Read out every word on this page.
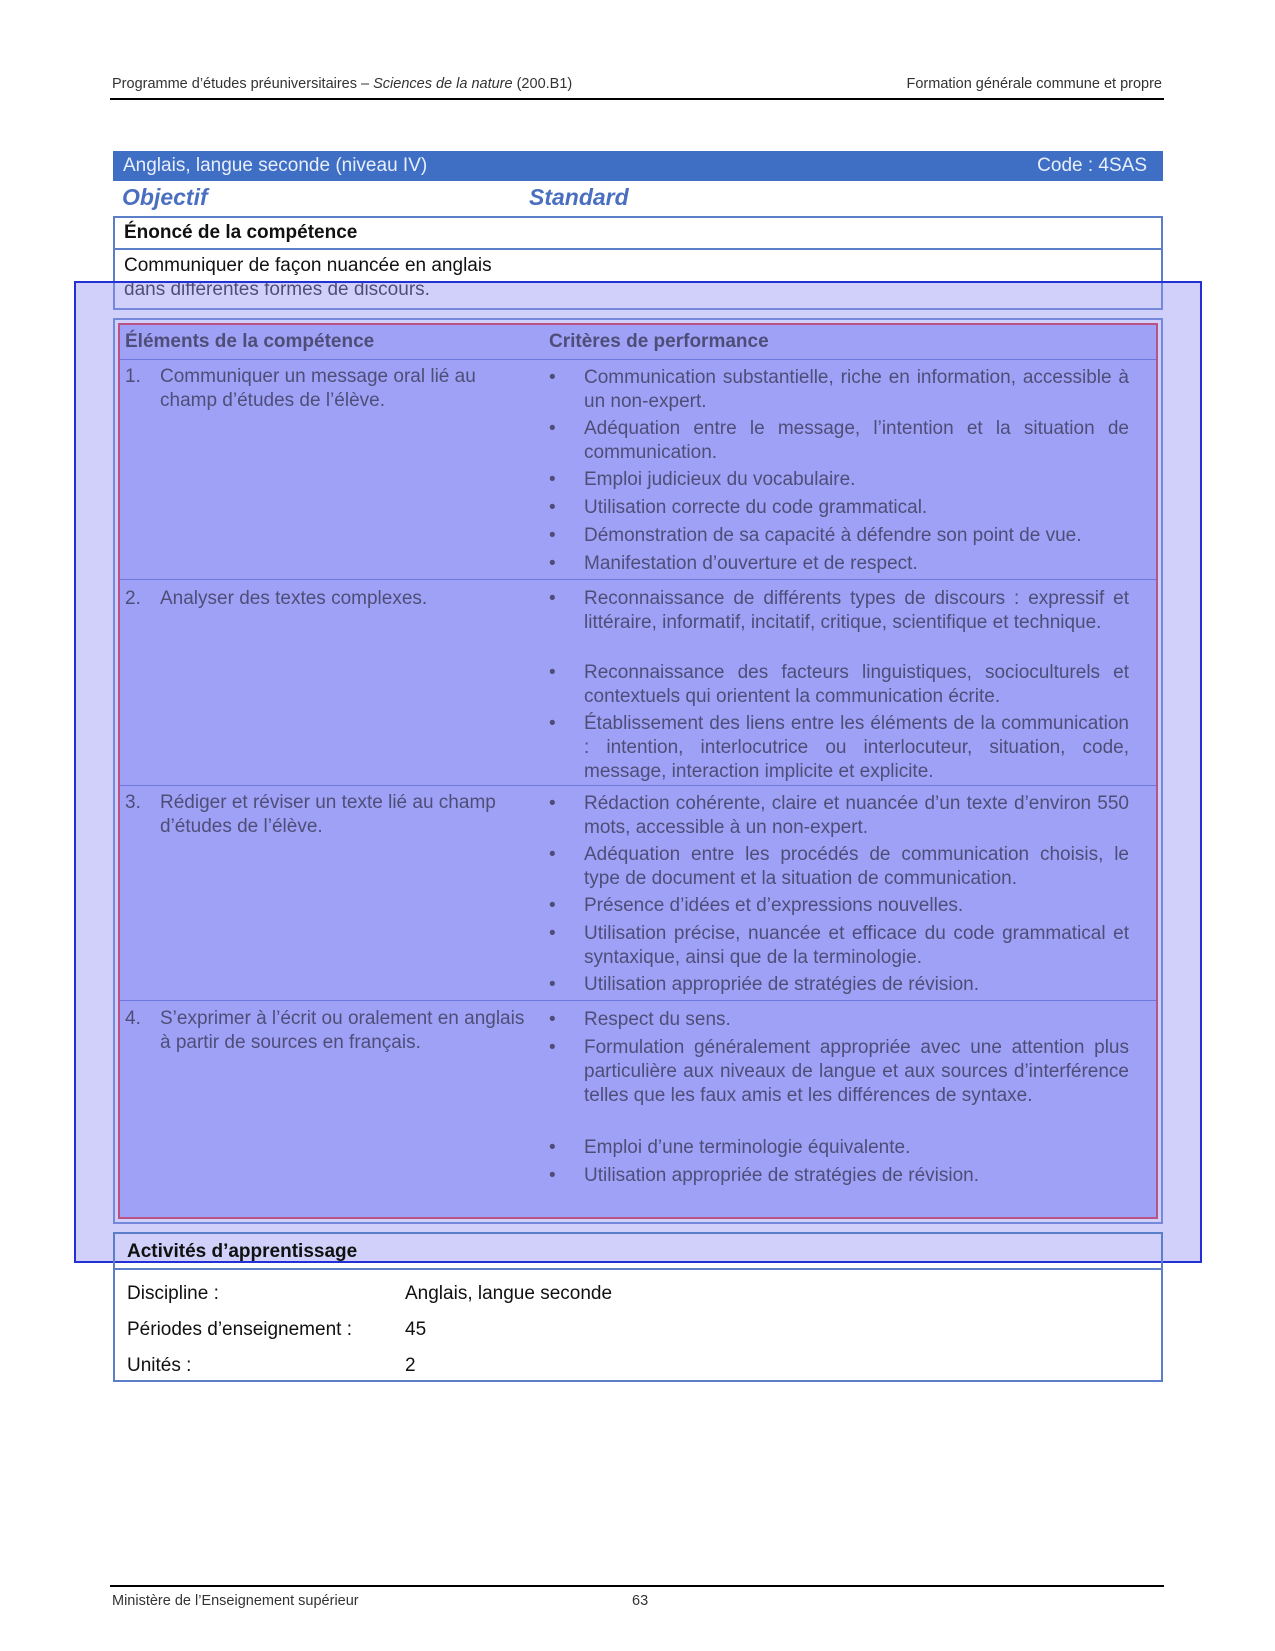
Programme d’études préuniversitaires – Sciences de la nature (200.B1)	Formation générale commune et propre
Anglais, langue seconde (niveau IV)	Code : 4SAS
Objectif	Standard
Énoncé de la compétence
Communiquer de façon nuancée en anglais
dans différentes formes de discours.
Éléments de la compétence	Critères de performance
1. Communiquer un message oral lié au champ d’études de l’élève.
• Communication substantielle, riche en information, accessible à un non-expert.
• Adéquation entre le message, l’intention et la situation de communication.
• Emploi judicieux du vocabulaire.
• Utilisation correcte du code grammatical.
• Démonstration de sa capacité à défendre son point de vue.
• Manifestation d’ouverture et de respect.
2. Analyser des textes complexes.	• Reconnaissance de différents types de discours : expressif et littéraire, informatif, incitatif, critique, scientifique et technique.
• Reconnaissance des facteurs linguistiques, socioculturels et contextuels qui orientent la communication écrite.
• Établissement des liens entre les éléments de la communication : intention, interlocutrice ou interlocuteur, situation, code, message, interaction implicite et explicite.
3. Rédiger et réviser un texte lié au champ d’études de l’élève.
• Rédaction cohérente, claire et nuancée d’un texte d’environ 550 mots, accessible à un non-expert.
• Adéquation entre les procédés de communication choisis, le type de document et la situation de communication.
• Présence d’idées et d’expressions nouvelles.
• Utilisation précise, nuancée et efficace du code grammatical et syntaxique, ainsi que de la terminologie.
• Utilisation appropriée de stratégies de révision.
4. S’exprimer à l’écrit ou oralement en anglais à partir de sources en français.
• Respect du sens.
• Formulation généralement appropriée avec une attention plus particulière aux niveaux de langue et aux sources d’interférence telles que les faux amis et les différences de syntaxe.
• Emploi d’une terminologie équivalente.
• Utilisation appropriée de stratégies de révision.
Activités d’apprentissage
Discipline :	Anglais, langue seconde
Périodes d’enseignement :	45
Unités :	2
Ministère de l’Enseignement supérieur	63
